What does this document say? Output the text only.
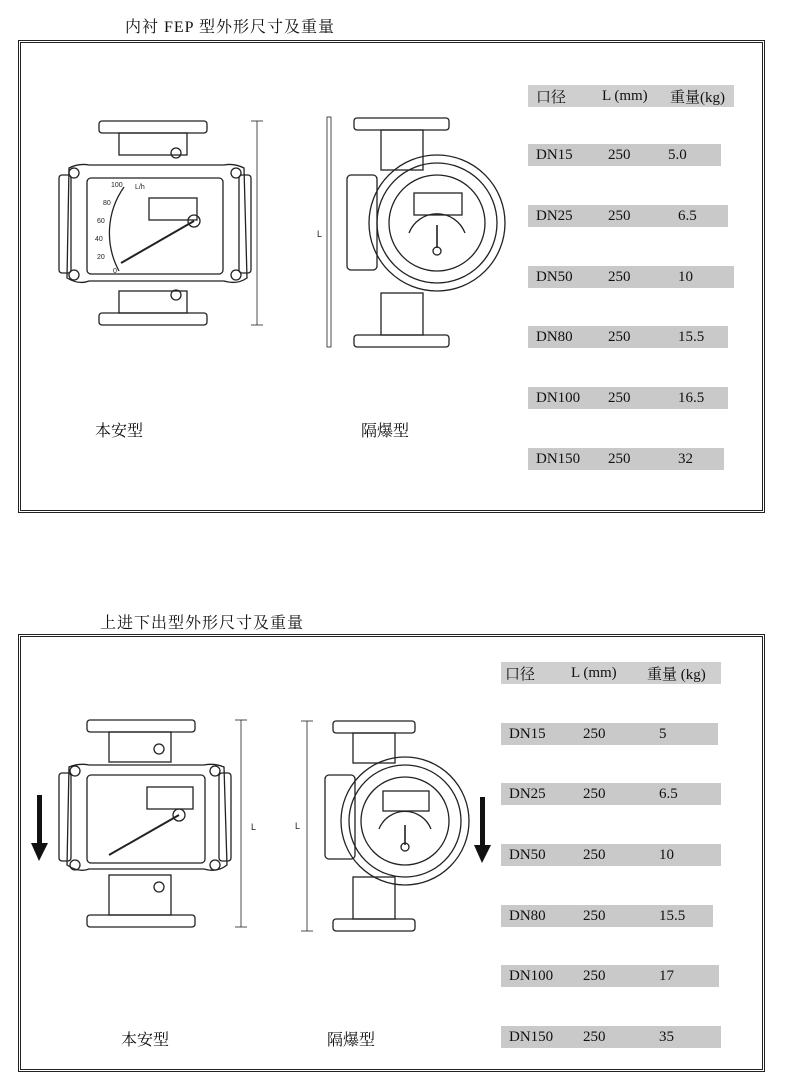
内衬 FEP 型外形尺寸及重量
100
80
60
40
20
0
L/h
L
本安型	隔爆型
口径 L (mm) 重量(kg)
DN15 250	5.0
DN25 250	6.5
DN50 250	10
DN80 250	15.5
DN100 250	16.5
DN150 250	32
上进下出型外形尺寸及重量
L	L
本安型	隔爆型
口径 L (mm) 重量 (kg)
DN15 250	5
DN25 250	6.5
DN50 250	10
DN80 250	15.5
DN100 250	17
DN150 250	35
